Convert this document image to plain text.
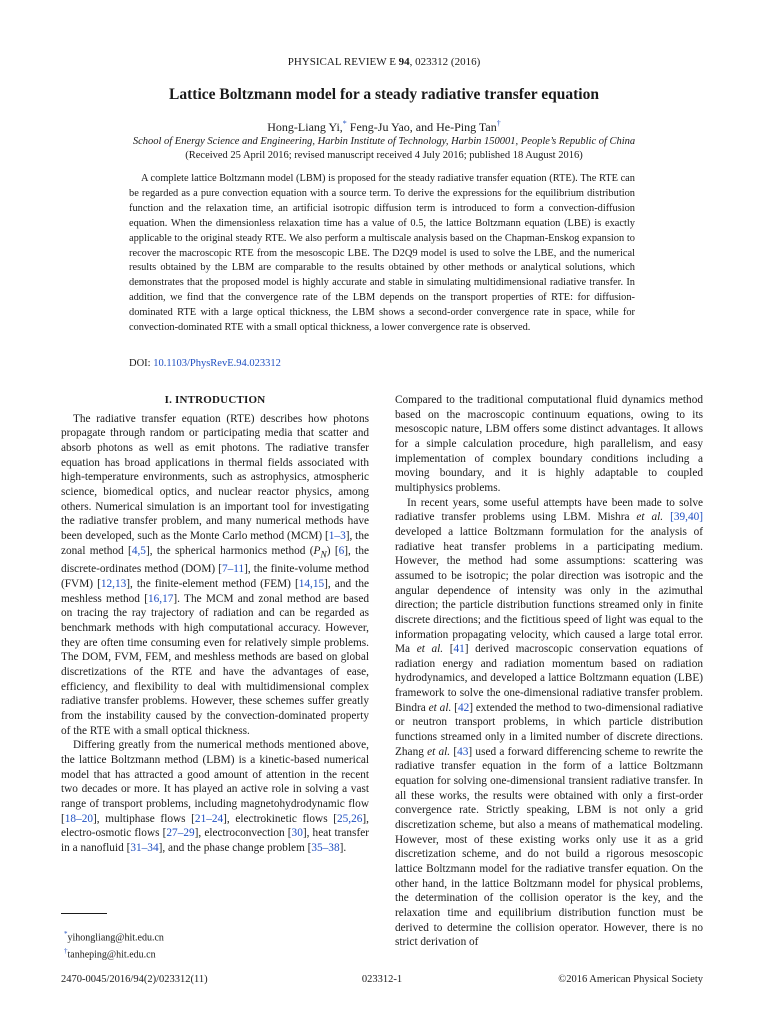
PHYSICAL REVIEW E 94, 023312 (2016)
Lattice Boltzmann model for a steady radiative transfer equation
Hong-Liang Yi,* Feng-Ju Yao, and He-Ping Tan†
School of Energy Science and Engineering, Harbin Institute of Technology, Harbin 150001, People’s Republic of China
(Received 25 April 2016; revised manuscript received 4 July 2016; published 18 August 2016)
A complete lattice Boltzmann model (LBM) is proposed for the steady radiative transfer equation (RTE). The RTE can be regarded as a pure convection equation with a source term. To derive the expressions for the equilibrium distribution function and the relaxation time, an artificial isotropic diffusion term is introduced to form a convection-diffusion equation. When the dimensionless relaxation time has a value of 0.5, the lattice Boltzmann equation (LBE) is exactly applicable to the original steady RTE. We also perform a multiscale analysis based on the Chapman-Enskog expansion to recover the macroscopic RTE from the mesoscopic LBE. The D2Q9 model is used to solve the LBE, and the numerical results obtained by the LBM are comparable to the results obtained by other methods or analytical solutions, which demonstrates that the proposed model is highly accurate and stable in simulating multidimensional radiative transfer. In addition, we find that the convergence rate of the LBM depends on the transport properties of RTE: for diffusion-dominated RTE with a large optical thickness, the LBM shows a second-order convergence rate in space, while for convection-dominated RTE with a small optical thickness, a lower convergence rate is observed.
DOI: 10.1103/PhysRevE.94.023312
I. INTRODUCTION

The radiative transfer equation (RTE) describes how photons propagate through random or participating media that scatter and absorb photons as well as emit photons. The radiative transfer equation has broad applications in thermal fields associated with high-temperature environments, such as astrophysics, atmospheric science, biomedical optics, and nuclear reactor physics, among others. Numerical simulation is an important tool for investigating the radiative transfer problem, and many numerical methods have been developed, such as the Monte Carlo method (MCM) [1–3], the zonal method [4,5], the spherical harmonics method $(P_N)$ [6], the discrete-ordinates method (DOM) [7–11], the finite-volume method (FVM) [12,13], the finite-element method (FEM) [14,15], and the meshless method [16,17]. The MCM and zonal method are based on tracing the ray trajectory of radiation and can be regarded as benchmark methods with high computational accuracy. However, they are often time consuming even for relatively simple problems. The DOM, FVM, FEM, and meshless methods are based on global discretizations of the RTE and have the advantages of ease, efficiency, and flexibility to deal with multidimensional complex radiative transfer problems. However, these schemes suffer greatly from the instability caused by the convection-dominated property of the RTE with a small optical thickness.

Differing greatly from the numerical methods mentioned above, the lattice Boltzmann method (LBM) is a kinetic-based numerical model that has attracted a good amount of attention in the recent two decades or more. It has played an active role in solving a vast range of transport problems, including magnetohydrodynamic flow [18–20], multiphase flows [21–24], electrokinetic flows [25,26], electro-osmotic flows [27–29], electroconvection [30], heat transfer in a nanofluid [31–34], and the phase change problem [35–38].

Compared to the traditional computational fluid dynamics method based on the macroscopic continuum equations, owing to its mesoscopic nature, LBM offers some distinct advantages. It allows for a simple calculation procedure, high parallelism, and easy implementation of complex boundary conditions including a moving boundary, and it is highly adaptable to coupled multiphysics problems.

In recent years, some useful attempts have been made to solve radiative transfer problems using LBM. Mishra et al. [39,40] developed a lattice Boltzmann formulation for the analysis of radiative heat transfer problems in a participating medium. However, the method had some assumptions: scattering was assumed to be isotropic; the polar direction was isotropic and the angular dependence of intensity was only in the azimuthal direction; the particle distribution functions streamed only in finite discrete directions; and the fictitious speed of light was equal to the information propagating velocity, which caused a large total error. Ma et al. [41] derived macroscopic conservation equations of radiation energy and radiation momentum based on radiation hydrodynamics, and developed a lattice Boltzmann equation (LBE) framework to solve the one-dimensional radiative transfer problem. Bindra et al. [42] extended the method to two-dimensional radiative or neutron transport problems, in which particle distribution functions streamed only in a limited number of discrete directions. Zhang et al. [43] used a forward differencing scheme to rewrite the radiative transfer equation in the form of a lattice Boltzmann equation for solving one-dimensional transient radiative transfer. In all these works, the results were obtained with only a first-order convergence rate. Strictly speaking, LBM is not only a grid discretization scheme, but also a means of mathematical modeling. However, most of these existing works only use it as a grid discretization scheme, and do not build a rigorous mesoscopic lattice Boltzmann model for the radiative transfer equation. On the other hand, in the lattice Boltzmann model for physical problems, the determination of the collision operator is the key, and the relaxation time and equilibrium distribution function must be derived to determine the collision operator. However, there is no strict derivation of

*yihongliang@hit.edu.cn
†tanheping@hit.edu.cn
2470-0045/2016/94(2)/023312(11)	023312-1	©2016 American Physical Society
